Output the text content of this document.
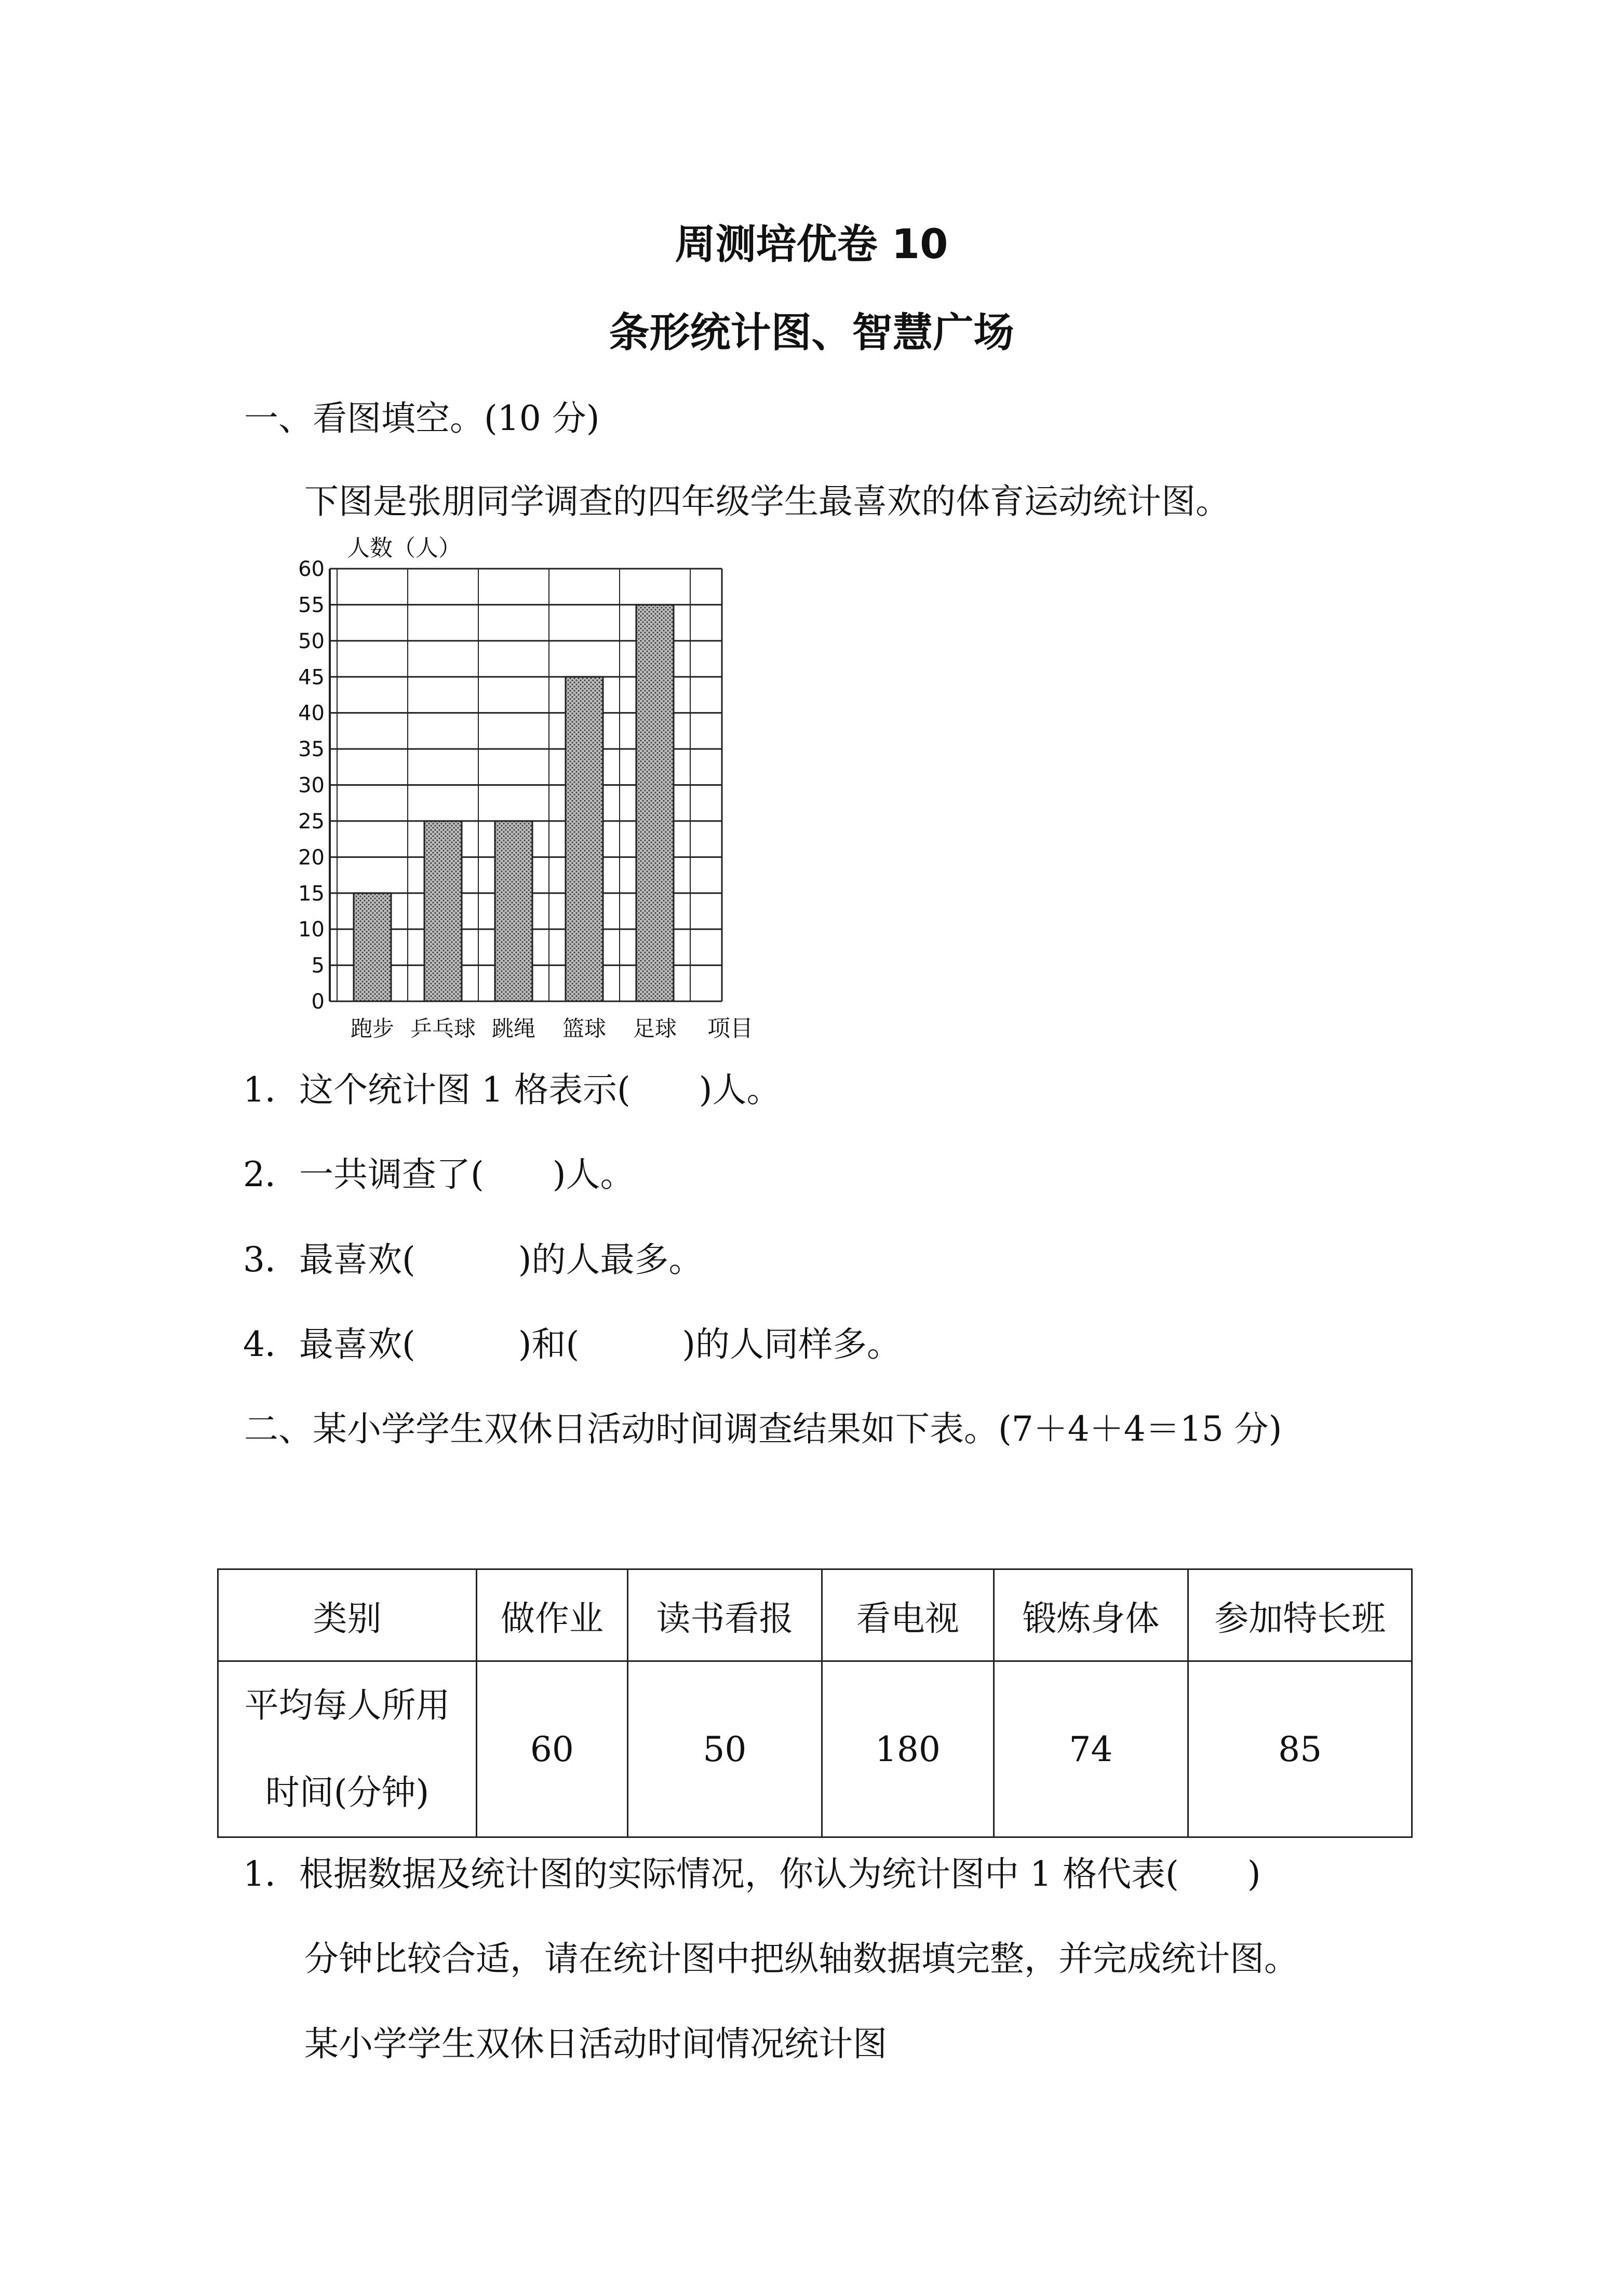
周测培优卷 10
条形统计图、智慧广场
一、看图填空。(10 分)
下图是张朋同学调查的四年级学生最喜欢的体育运动统计图。
人数（人）
0
5
10
15
20
25
30
35
40
45
50
55
60
跑步 乒乓球 跳绳 篮球 足球 项目
1．这个统计图 1 格表示(　　)人。
2．一共调查了(　　)人。
3．最喜欢(　　　)的人最多。
4．最喜欢(　　　)和(　　　)的人同样多。
二、某小学学生双休日活动时间调查结果如下表。(7＋4＋4＝15 分)
类别	做作业	读书看报	看电视	锻炼身体	参加特长班

平均每人所用
时间(分钟)	60	50	180	74	85
1．根据数据及统计图的实际情况，你认为统计图中 1 格代表(　　)
分钟比较合适，请在统计图中把纵轴数据填完整，并完成统计图。
某小学学生双休日活动时间情况统计图
